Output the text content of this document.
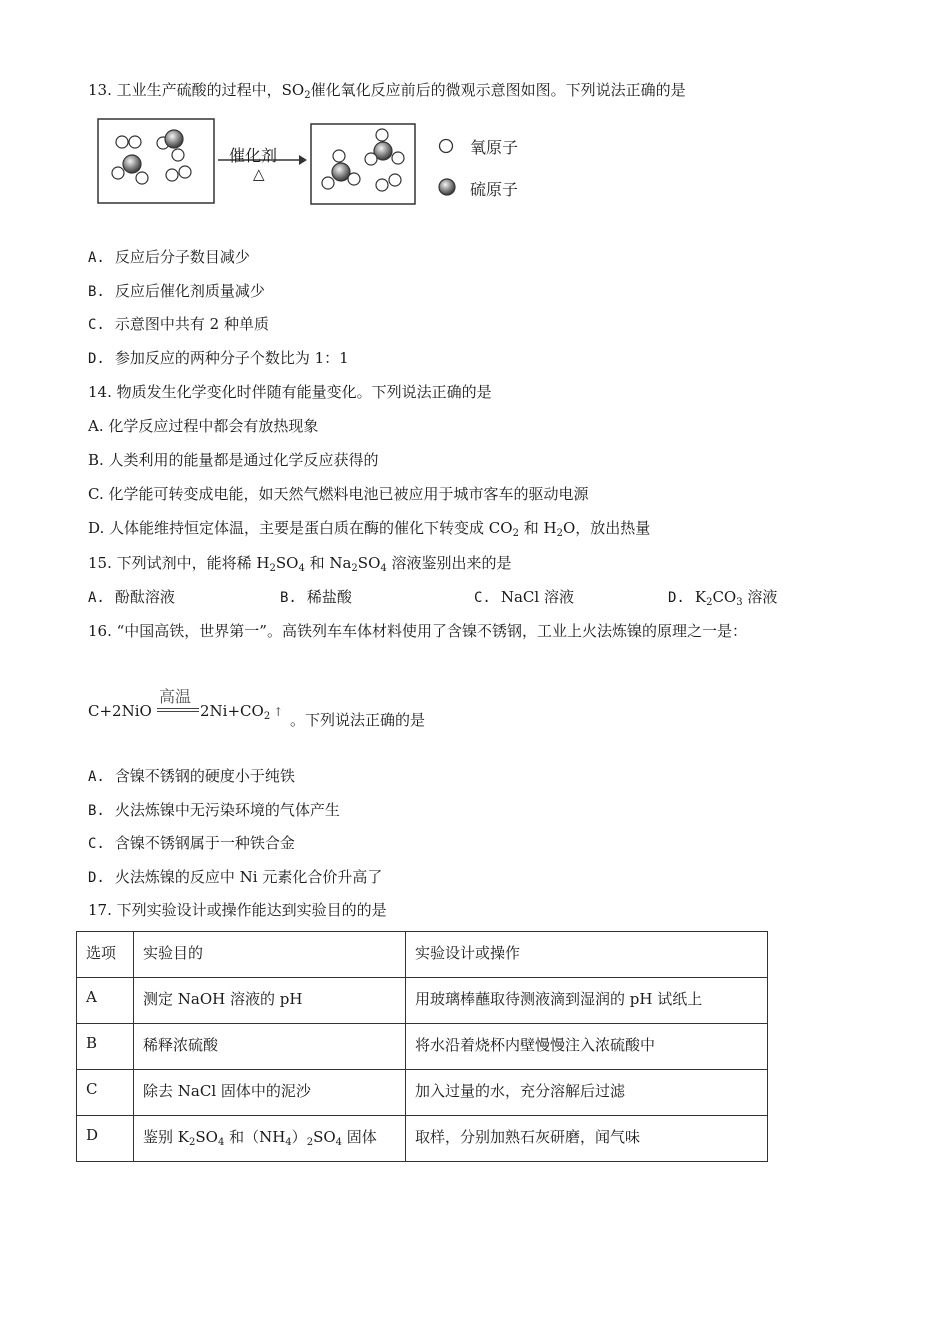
13. 工业生产硫酸的过程中，$SO_2$催化氧化反应前后的微观示意图如图。下列说法正确的是
催化剂
△
氧原子
硫原子
A. 反应后分子数目减少
B. 反应后催化剂质量减少
C. 示意图中共有 2 种单质
D. 参加反应的两种分子个数比为 1：1
14. 物质发生化学变化时伴随有能量变化。下列说法正确的是
A. 化学反应过程中都会有放热现象
B. 人类利用的能量都是通过化学反应获得的
C. 化学能可转变成电能，如天然气燃料电池已被应用于城市客车的驱动电源
D. 人体能维持恒定体温，主要是蛋白质在酶的催化下转变成 $CO_2$ 和 $H_2O$，放出热量
15. 下列试剂中，能将稀 $H_2SO_4$ 和 $Na_2SO_4$ 溶液鉴别出来的是
A. 酚酞溶液	B. 稀盐酸	C. NaCl 溶液	D. $K_2CO_3$ 溶液
16. “中国高铁，世界第一”。高铁列车车体材料使用了含镍不锈钢，工业上火法炼镍的原理之一是：
C+2NiO
高温
$2Ni+CO_2$ ↑ 。下列说法正确的是
A. 含镍不锈钢的硬度小于纯铁
B. 火法炼镍中无污染环境的气体产生
C. 含镍不锈钢属于一种铁合金
D. 火法炼镍的反应中 Ni 元素化合价升高了
17. 下列实验设计或操作能达到实验目的的是
选项	实验目的	实验设计或操作
A	测定 NaOH 溶液的 pH	用玻璃棒蘸取待测液滴到湿润的 pH 试纸上
B	稀释浓硫酸	将水沿着烧杯内壁慢慢注入浓硫酸中
C	除去 NaCl 固体中的泥沙	加入过量的水，充分溶解后过滤
D	鉴别 $K_2SO_4$ 和$(NH_4)_2SO_4$ 固体	取样，分别加熟石灰研磨，闻气味
